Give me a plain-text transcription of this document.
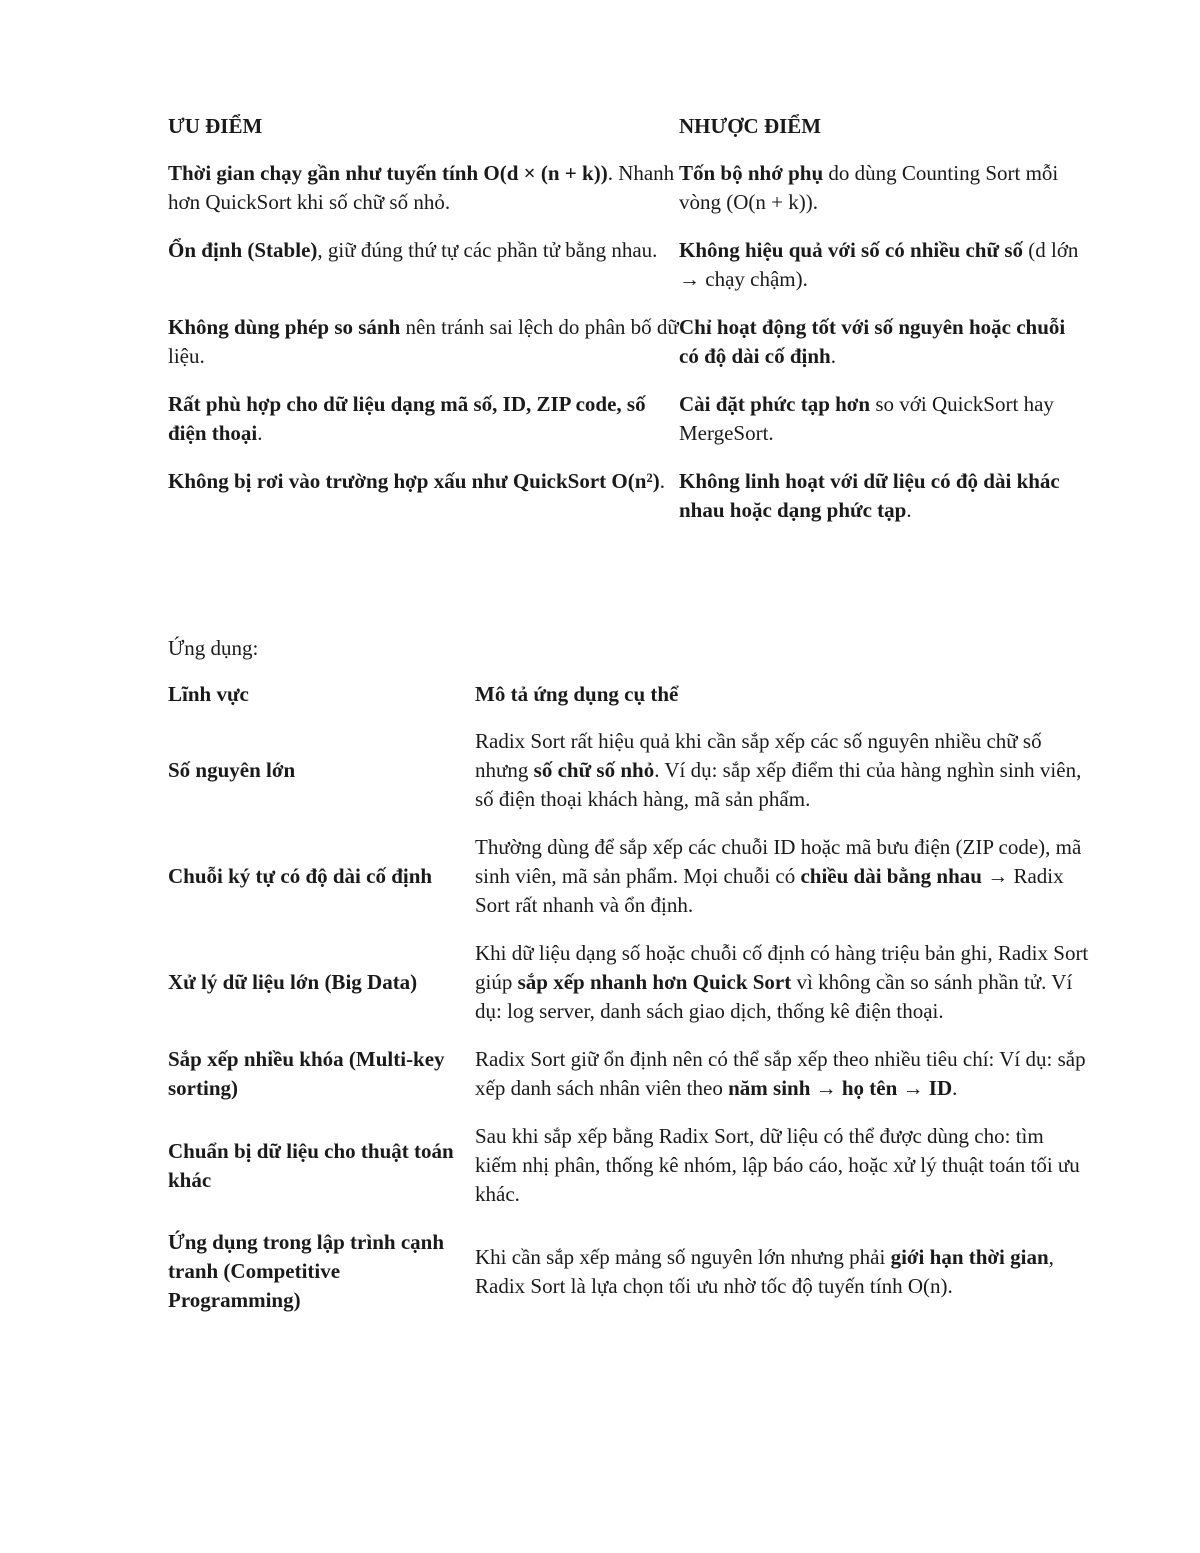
ƯU ĐIỂM	NHƯỢC ĐIỂM
Thời gian chạy gần như tuyến tính O(d × (n + k)). Nhanh hơn QuickSort khi số chữ số nhỏ.	Tốn bộ nhớ phụ do dùng Counting Sort mỗi vòng (O(n + k)).
Ổn định (Stable), giữ đúng thứ tự các phần tử bằng nhau.	Không hiệu quả với số có nhiều chữ số (d lớn → chạy chậm).
Không dùng phép so sánh nên tránh sai lệch do phân bố dữ liệu.	Chỉ hoạt động tốt với số nguyên hoặc chuỗi có độ dài cố định.
Rất phù hợp cho dữ liệu dạng mã số, ID, ZIP code, số điện thoại.	Cài đặt phức tạp hơn so với QuickSort hay MergeSort.
Không bị rơi vào trường hợp xấu như QuickSort O(n²).	Không linh hoạt với dữ liệu có độ dài khác nhau hoặc dạng phức tạp.
Ứng dụng:
Lĩnh vực	Mô tả ứng dụng cụ thể
Số nguyên lớn	Radix Sort rất hiệu quả khi cần sắp xếp các số nguyên nhiều chữ số nhưng số chữ số nhỏ. Ví dụ: sắp xếp điểm thi của hàng nghìn sinh viên, số điện thoại khách hàng, mã sản phẩm.
Chuỗi ký tự có độ dài cố định	Thường dùng để sắp xếp các chuỗi ID hoặc mã bưu điện (ZIP code), mã sinh viên, mã sản phẩm. Mọi chuỗi có chiều dài bằng nhau → Radix Sort rất nhanh và ổn định.
Xử lý dữ liệu lớn (Big Data)	Khi dữ liệu dạng số hoặc chuỗi cố định có hàng triệu bản ghi, Radix Sort giúp sắp xếp nhanh hơn Quick Sort vì không cần so sánh phần tử. Ví dụ: log server, danh sách giao dịch, thống kê điện thoại.
Sắp xếp nhiều khóa (Multi-key sorting)	Radix Sort giữ ổn định nên có thể sắp xếp theo nhiều tiêu chí: Ví dụ: sắp xếp danh sách nhân viên theo năm sinh → họ tên → ID.
Chuẩn bị dữ liệu cho thuật toán khác	Sau khi sắp xếp bằng Radix Sort, dữ liệu có thể được dùng cho: tìm kiếm nhị phân, thống kê nhóm, lập báo cáo, hoặc xử lý thuật toán tối ưu khác.
Ứng dụng trong lập trình cạnh tranh (Competitive Programming)	Khi cần sắp xếp mảng số nguyên lớn nhưng phải giới hạn thời gian, Radix Sort là lựa chọn tối ưu nhờ tốc độ tuyến tính O(n).
